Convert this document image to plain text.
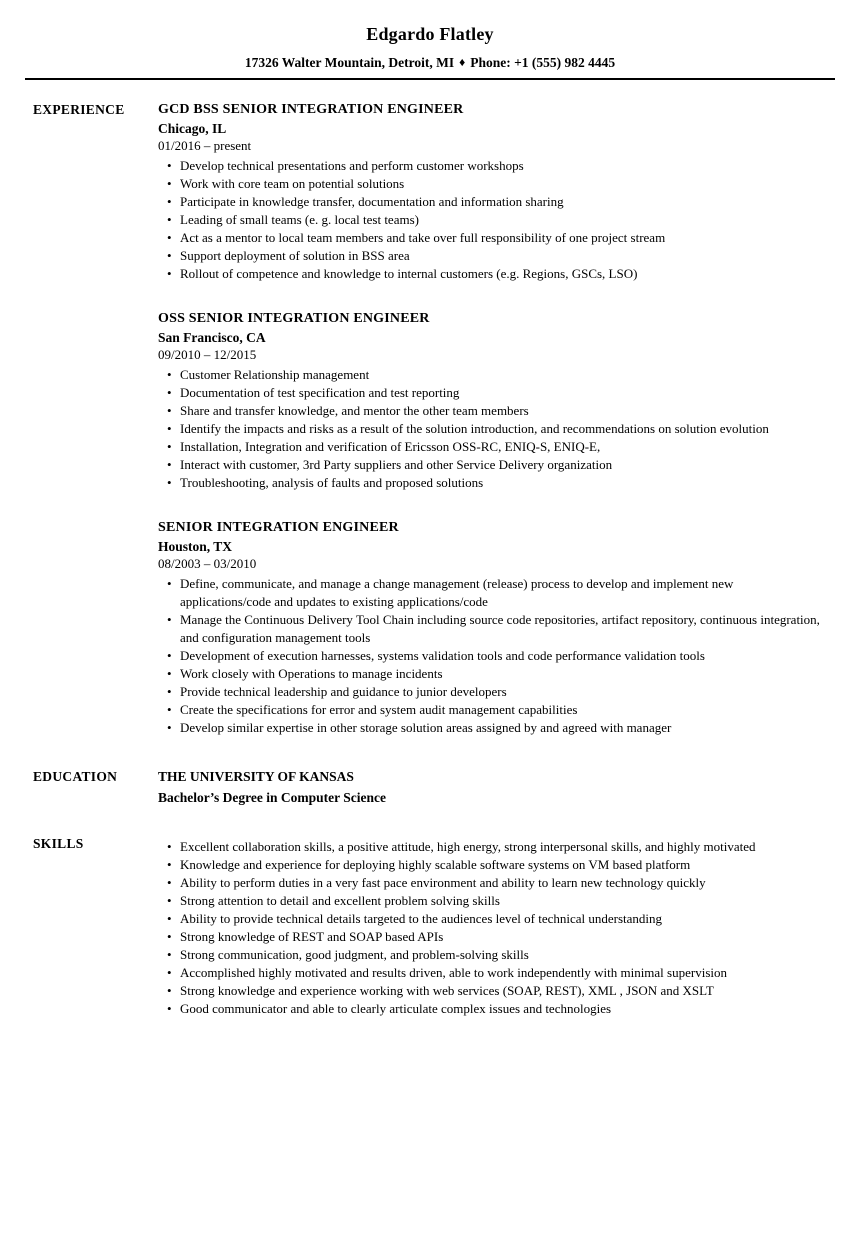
Edgardo Flatley

17326 Walter Mountain, Detroit, MI ♦ Phone: +1 (555) 982 4445

EXPERIENCE	GCD BSS SENIOR INTEGRATION ENGINEER
Chicago, IL
01/2016 – present
• Develop technical presentations and perform customer workshops
• Work with core team on potential solutions
• Participate in knowledge transfer, documentation and information sharing
• Leading of small teams (e. g. local test teams)
• Act as a mentor to local team members and take over full responsibility of one project stream
• Support deployment of solution in BSS area
• Rollout of competence and knowledge to internal customers (e.g. Regions, GSCs, LSO)
OSS SENIOR INTEGRATION ENGINEER
San Francisco, CA
09/2010 – 12/2015
• Customer Relationship management
• Documentation of test specification and test reporting
• Share and transfer knowledge, and mentor the other team members
• Identify the impacts and risks as a result of the solution introduction, and recommendations on solution evolution
• Installation, Integration and verification of Ericsson OSS-RC, ENIQ-S, ENIQ-E,
• Interact with customer, 3rd Party suppliers and other Service Delivery organization
• Troubleshooting, analysis of faults and proposed solutions
SENIOR INTEGRATION ENGINEER
Houston, TX
08/2003 – 03/2010
• Define, communicate, and manage a change management (release) process to develop and implement new applications/code and updates to existing applications/code
• Manage the Continuous Delivery Tool Chain including source code repositories, artifact repository, continuous integration, and configuration management tools
• Development of execution harnesses, systems validation tools and code performance validation tools
• Work closely with Operations to manage incidents
• Provide technical leadership and guidance to junior developers
• Create the specifications for error and system audit management capabilities
• Develop similar expertise in other storage solution areas assigned by and agreed with manager
EDUCATION	THE UNIVERSITY OF KANSAS
Bachelor’s Degree in Computer Science
SKILLS	• Excellent collaboration skills, a positive attitude, high energy, strong interpersonal skills, and highly motivated
• Knowledge and experience for deploying highly scalable software systems on VM based platform
• Ability to perform duties in a very fast pace environment and ability to learn new technology quickly
• Strong attention to detail and excellent problem solving skills
• Ability to provide technical details targeted to the audiences level of technical understanding
• Strong knowledge of REST and SOAP based APIs
• Strong communication, good judgment, and problem-solving skills
• Accomplished highly motivated and results driven, able to work independently with minimal supervision
• Strong knowledge and experience working with web services (SOAP, REST), XML , JSON and XSLT
• Good communicator and able to clearly articulate complex issues and technologies
